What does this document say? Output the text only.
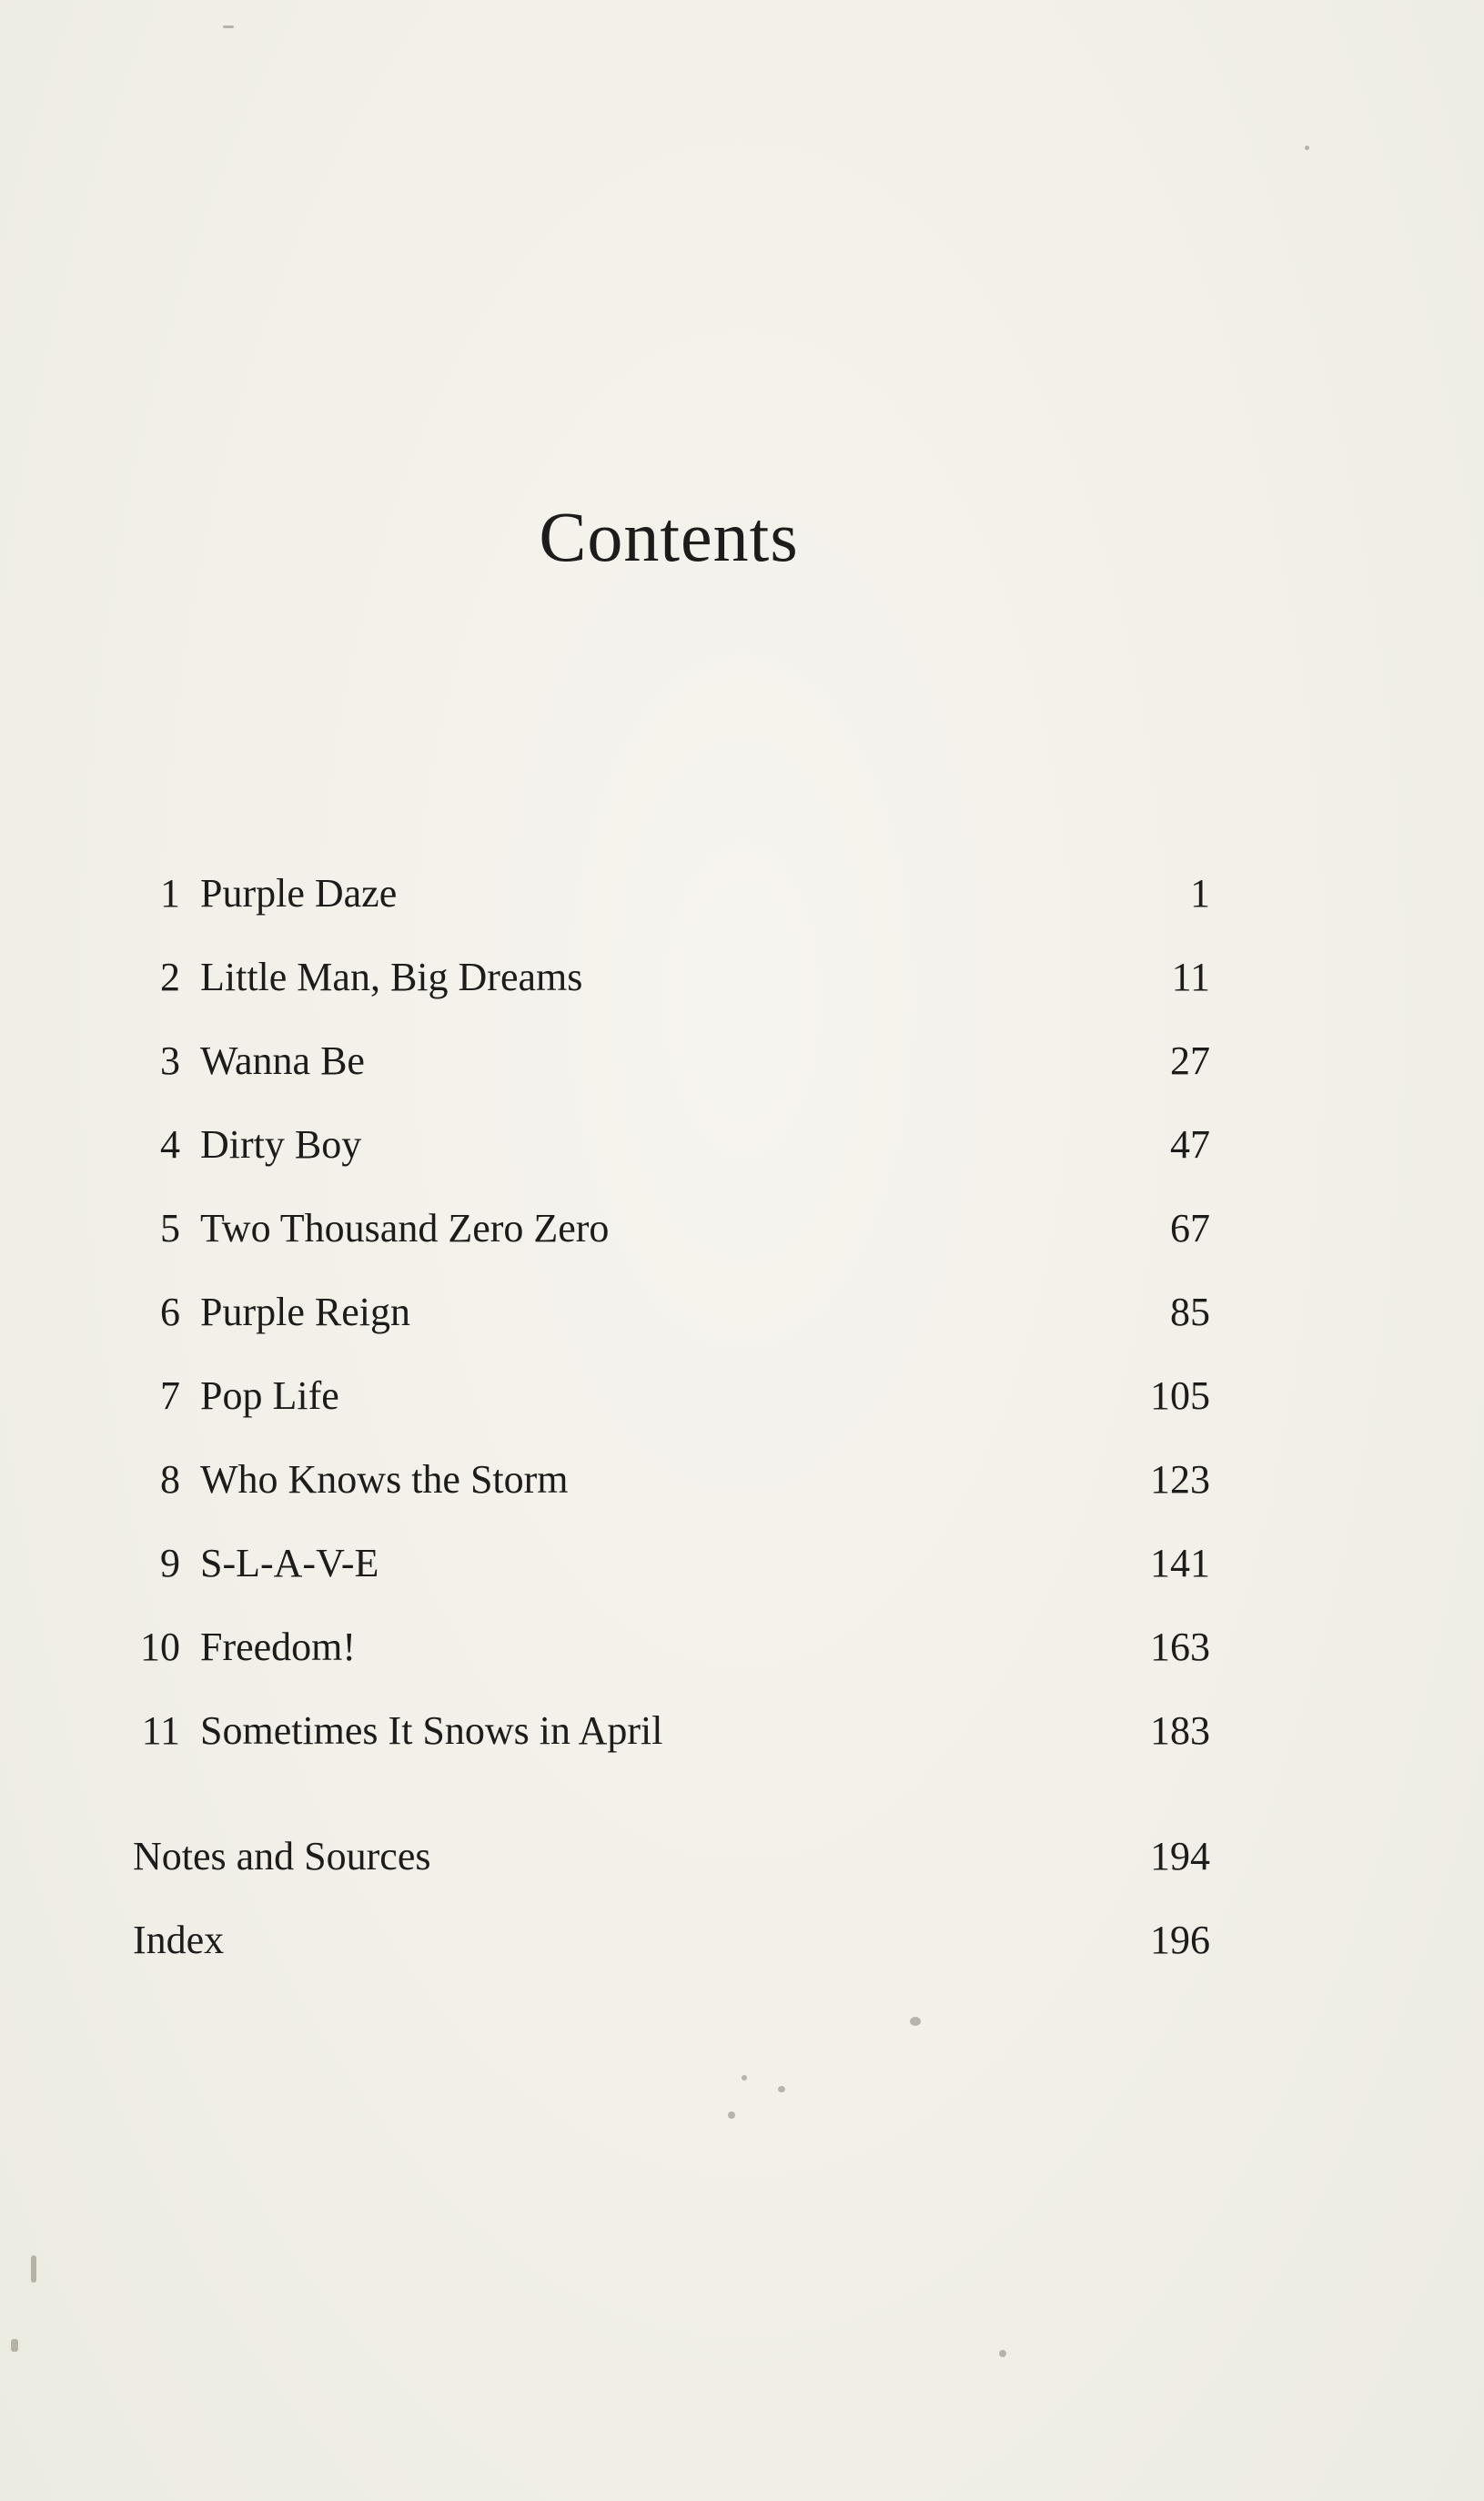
Contents
1 Purple Daze	1
2 Little Man, Big Dreams	11
3 Wanna Be	27
4 Dirty Boy	47
5 Two Thousand Zero Zero	67
6 Purple Reign	85
7 Pop Life	105
8 Who Knows the Storm	123
9 S-L-A-V-E	141
10 Freedom!	163
11 Sometimes It Snows in April	183
Notes and Sources	194
Index	196
